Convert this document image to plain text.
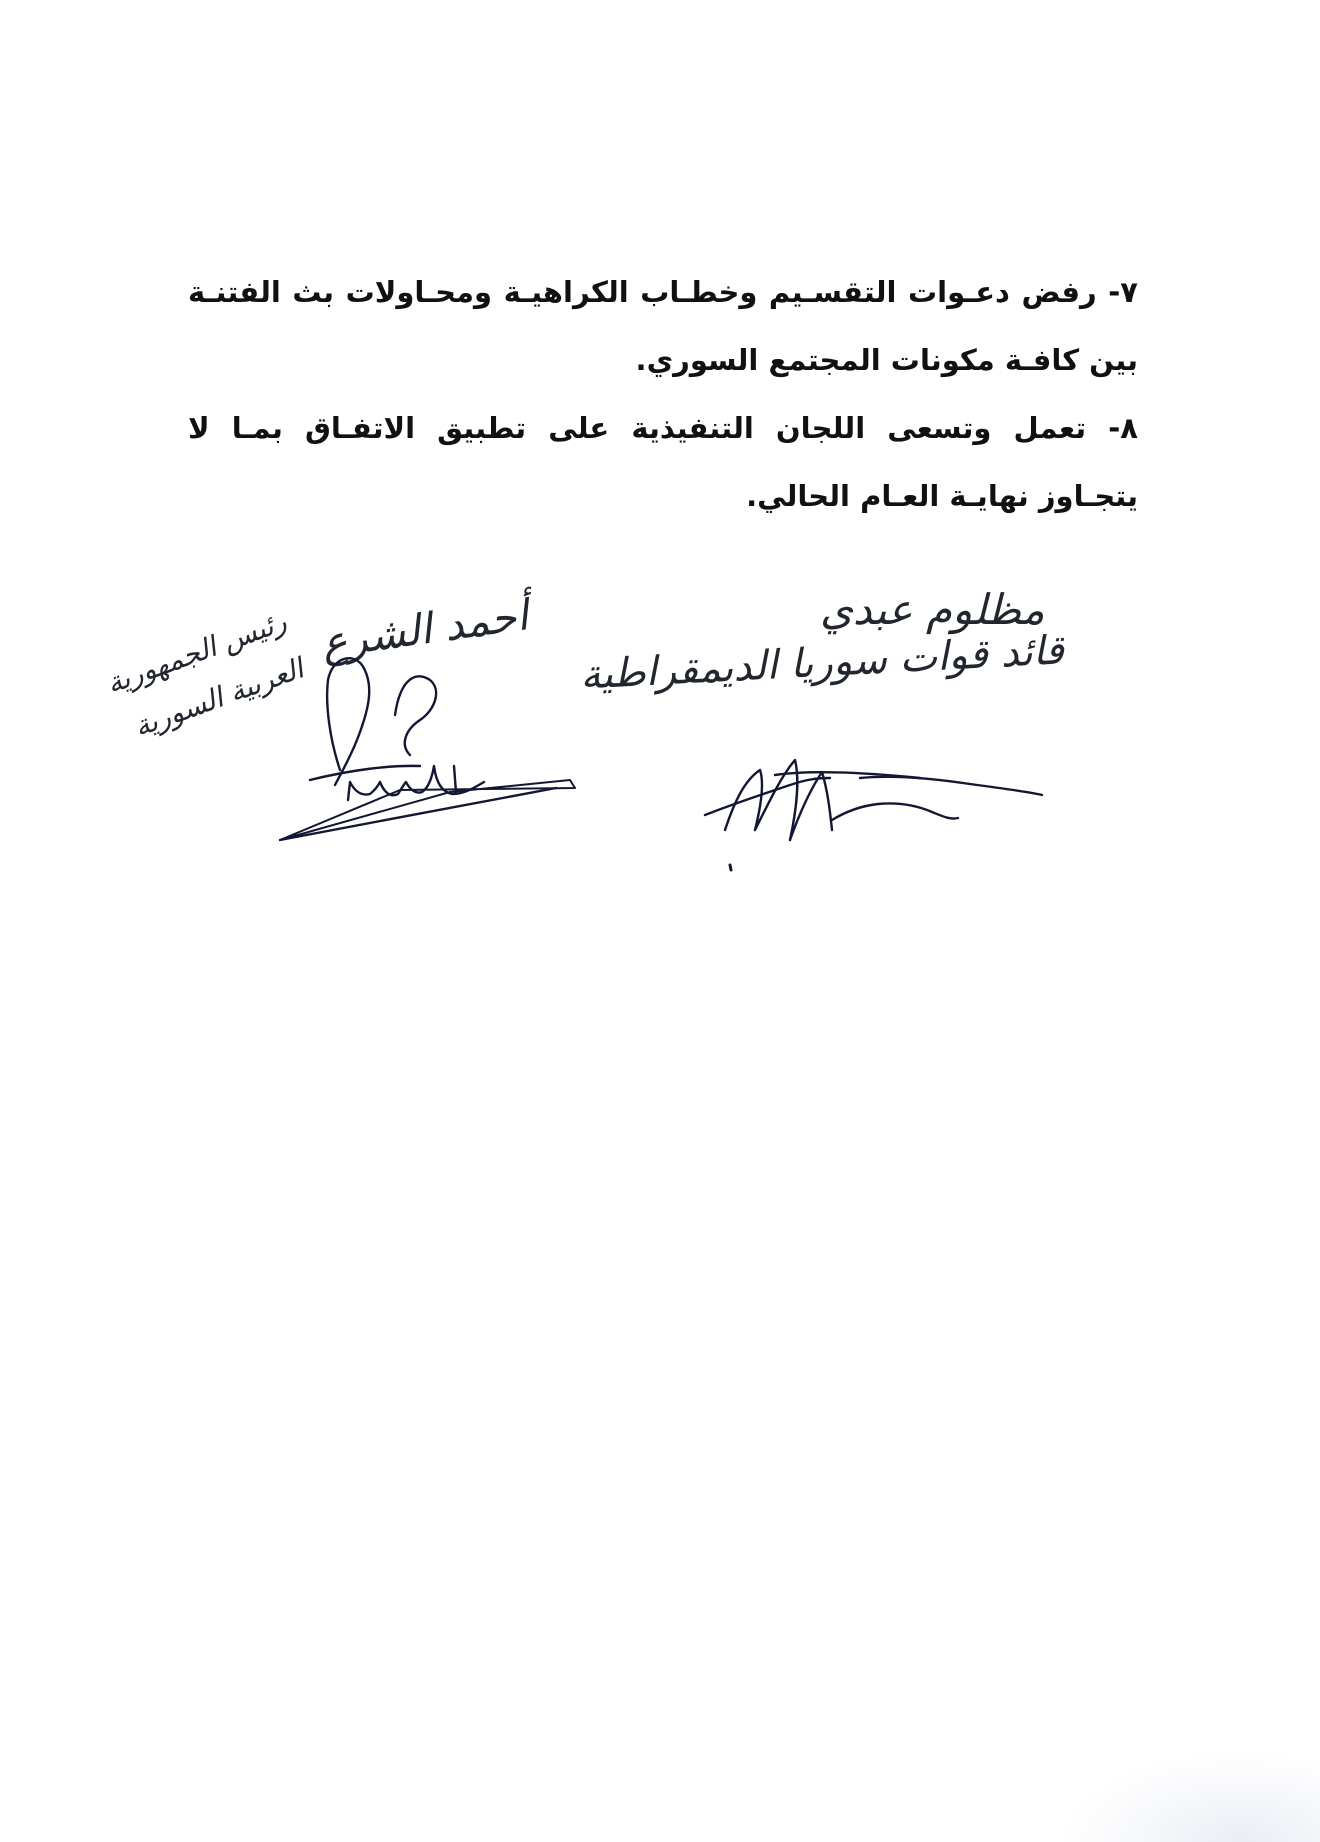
٧- رفض دعـوات التقسـيم وخطـاب الكراهيـة ومحـاولات بث الفتنـة بين كافـة مكونات المجتمع السوري.

٨- تعمل وتسعى اللجان التنفيذية على تطبيق الاتفـاق بمـا لا يتجـاوز نهايـة العـام الحالي.

أحمد الشرع
رئيس الجمهورية العربية السورية
مظلوم عبدي
قائد قوات سوريا الديمقراطية
